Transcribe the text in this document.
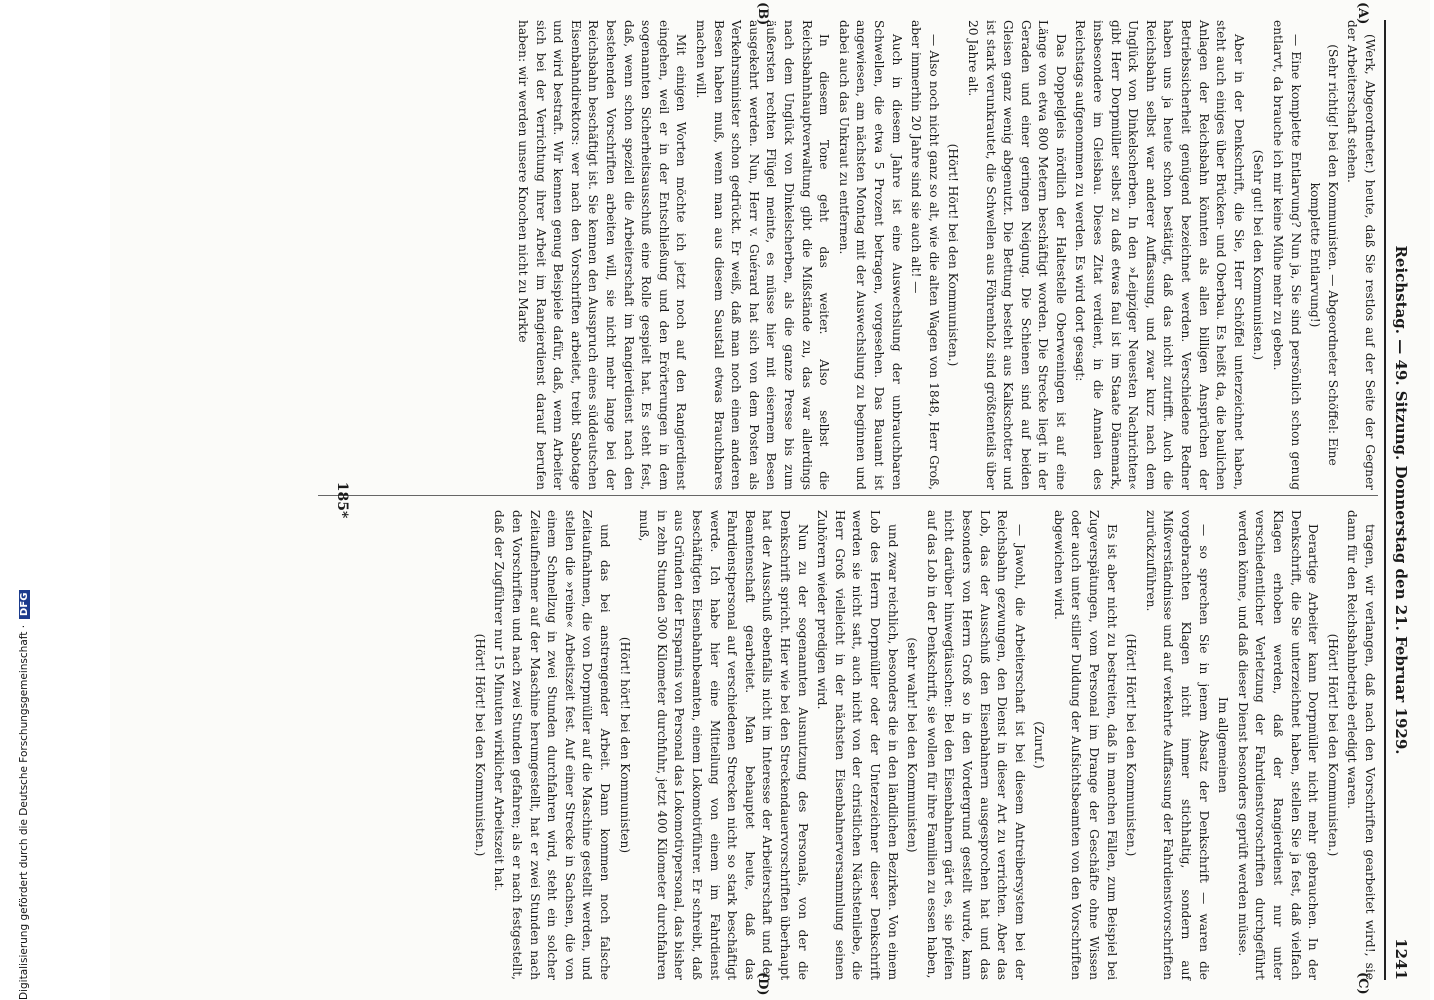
Digitalisierung gefördert durch die Deutsche Forschungsgemeinschaft ·DFG	Reichstag. — 49. Sitzung. Donnerstag den 21. Februar 1929.
1241
(A)
(B)
(C)
(D)

(Werk, Abgeordneter.) heute, daß Sie restlos auf der Seite der Gegner der Arbeiterschaft stehen.

(Sehr richtig! bei den Kommunisten. — Abgeordneter Schöffel: Eine komplette Entlarvung!)

— Eine komplette Entlarvung? Nun ja, Sie sind persönlich schon genug entlarvt, da brauche ich mir keine Mühe mehr zu geben.

(Sehr gut! bei den Kommunisten.)

Aber in der Denkschrift, die Sie, Herr Schöffel unterzeichnet haben, steht auch einiges über Brücken- und Oberbau. Es heißt da, die baulichen Anlagen der Reichsbahn könnten als allen billigen Ansprüchen der Betriebssicherheit genügend bezeichnet werden. Verschiedene Redner haben uns ja heute schon bestätigt, daß das nicht zutrifft. Auch die Reichsbahn selbst war anderer Auffassung, und zwar kurz nach dem Unglück von Dinkelscherben. In den »Leipziger Neuesten Nachrichten« gibt Herr Dorpmüller selbst zu daß etwas faul ist im Staate Dänemark, insbesondere im Gleisbau. Dieses Zitat verdient, in die Annalen des Reichstags aufgenommen zu werden. Es wird dort gesagt:

Das Doppelgleis nördlich der Haltestelle Oberweningen ist auf eine Länge von etwa 800 Metern beschäftigt worden. Die Strecke liegt in der Geraden und einer geringen Neigung. Die Schienen sind auf beiden Gleisen ganz wenig abgenutzt. Die Bettung besteht aus Kalkschotter und ist stark verunkrautet, die Schwellen aus Föhrenholz sind größtenteils über 20 Jahre alt.

(Hört! Hört! bei den Kommunisten.)

— Also noch nicht ganz so alt, wie die alten Wagen von 1848, Herr Groß, aber immerhin 20 Jahre sind sie auch alt! —

Auch in diesem Jahre ist eine Auswechslung der unbrauchbaren Schwellen, die etwa 5 Prozent betragen, vorgesehen. Das Bauamt ist angewiesen, am nächsten Montag mit der Auswechslung zu beginnen und dabei auch das Unkraut zu entfernen.

In diesem Tone geht das weiter. Also selbst die Reichsbahnhauptverwaltung gibt die Mißstände zu, das war allerdings nach dem Unglück von Dinkelscherben, als die ganze Presse bis zum äußersten rechten Flügel meinte, es müsse hier mit eisernem Besen ausgekehrt werden. Nun, Herr v. Guérard hat sich von dem Posten als Verkehrsminister schon gedrückt. Er weiß, daß man noch einen anderen Besen haben muß, wenn man aus diesem Saustall etwas Brauchbares machen will.

Mit einigen Worten möchte ich jetzt noch auf den Rangierdienst eingehen, weil er in der Entschließung und den Erörterungen in dem sogenannten Sicherheitsausschuß eine Rolle gespielt hat. Es steht fest, daß, wenn schon speziell die Arbeiterschaft im Rangierdienst nach den bestehenden Vorschriften arbeiten will, sie nicht mehr lange bei der Reichsbahn beschäftigt ist. Sie kennen den Ausspruch eines süddeutschen Eisenbahndirektors: wer nach den Vorschriften arbeitet, treibt Sabotage und wird bestraft. Wir kennen genug Beispiele dafür, daß, wenn Arbeiter sich bei der Verrichtung ihrer Arbeit im Rangierdienst darauf berufen haben: wir werden unsere Knochen nicht zu Markte

tragen, wir verlangen, daß nach den Vorschriften gearbeitet wird!, sie dann für den Reichsbahnbetrieb erledigt waren.

(Hört! Hört! bei den Kommunisten.)

Derartige Arbeiter kann Dorpmüller nicht mehr gebrauchen. In der Denkschrift, die Sie unterzeichnet haben, stellen Sie ja fest, daß vielfach Klagen erhoben werden, daß der Rangierdienst nur unter verschiedentlicher Verletzung der Fahrdienstvorschriften durchgeführt werden könne, und daß dieser Dienst besonders geprüft werden müsse.

Im allgemeinen

— so sprechen Sie in jenem Absatz der Denkschrift — waren die vorgebrachten Klagen nicht immer stichhaltig, sondern auf Mißverständnisse und auf verkehrte Auffassung der Fahrdienstvorschriften zurückzuführen.

(Hört! Hört! bei den Kommunisten.)

Es ist aber nicht zu bestreiten, daß in manchen Fällen, zum Beispiel bei Zugverspätungen, vom Personal im Drange der Geschäfte ohne Wissen oder auch unter stiller Duldung der Aufsichtsbeamten von den Vorschriften abgewichen wird.

(Zuruf.)

— Jawohl, die Arbeiterschaft ist bei diesem Antreibersystem bei der Reichsbahn gezwungen, den Dienst in dieser Art zu verrichten. Aber das Lob, das der Ausschuß den Eisenbahnern ausgesprochen hat und das besonders von Herrn Groß so in den Vordergrund gestellt wurde, kann nicht darüber hinwegtäuschen: Bei den Eisenbahnern gärt es, sie pfeifen auf das Lob in der Denkschrift, sie wollen für ihre Familien zu essen haben,

(sehr wahr! bei den Kommunisten)

und zwar reichlich, besonders die in den ländlichen Bezirken. Von einem Lob des Herrn Dorpmüller oder der Unterzeichner dieser Denkschrift werden sie nicht satt, auch nicht von der christlichen Nächstenliebe, die Herr Groß vielleicht in der nächsten Eisenbahnerversammlung seinen Zuhörern wieder predigen wird.

Nun zu der sogenannten Ausnutzung des Personals, von der die Denkschrift spricht. Hier wie bei den Streckendauervorschriften überhaupt hat der Ausschuß ebenfalls nicht im Interesse der Arbeiterschaft und der Beamtenschaft gearbeitet. Man behauptet heute, daß das Fahrdienstpersonal auf verschiedenen Strecken nicht so stark beschäftigt werde. Ich habe hier eine Mitteilung von einem im Fahrdienst beschäftigten Eisenbahnbeamten, einem Lokomotivführer. Er schreibt, daß aus Gründen der Ersparnis von Personal das Lokomotivpersonal, das bisher in zehn Stunden 300 Kilometer durchfuhr, jetzt 400 Kilometer durchfahren muß,

(Hört! hört! bei den Kommunisten)

und das bei anstrengender Arbeit. Dann kommen noch falsche Zeitaufnahmen, die von Dorpmüller auf die Maschine gestellt werden, und stellen die »reine« Arbeitszeit fest. Auf einer Strecke in Sachsen, die von einem Schnellzug in zwei Stunden durchfahren wird, steht ein solcher Zeitaufnehmer auf der Maschine herumgestellt, hat er zwei Stunden nach den Vorschriften und nach zwei Stunden gefahren; als er nach festgestellt, daß der Zugführer nur 15 Minuten wirklicher Arbeitszeit hat.

(Hört! Hört! bei den Kommunisten.)

185*
